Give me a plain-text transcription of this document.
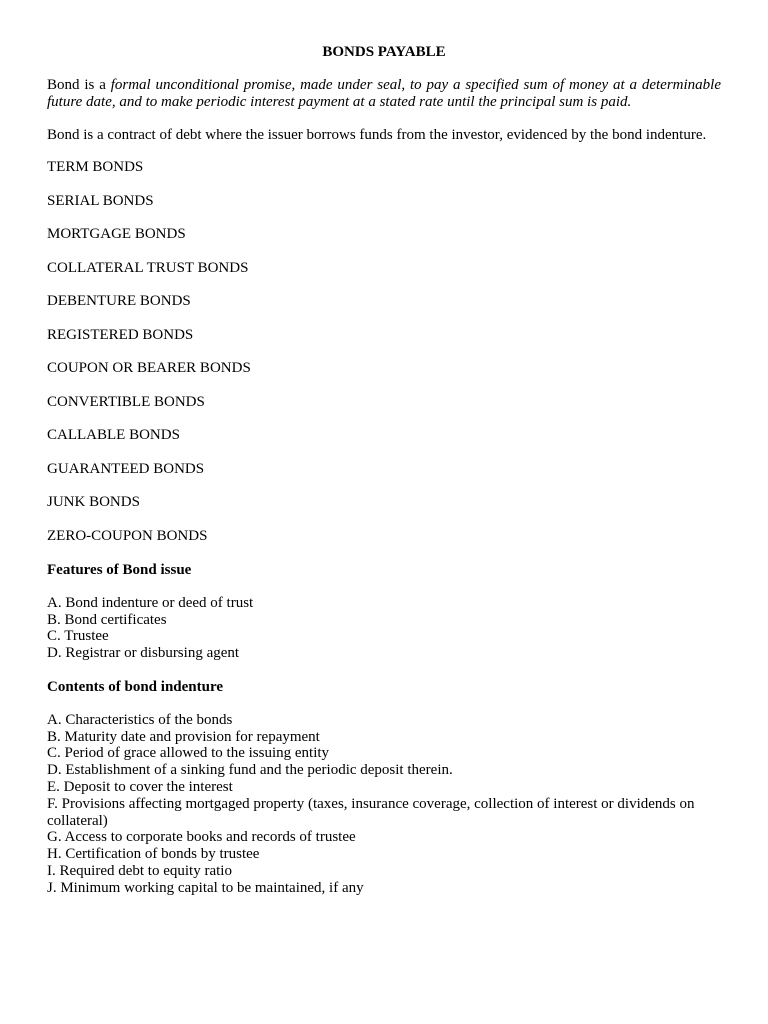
BONDS PAYABLE

Bond is a formal unconditional promise, made under seal, to pay a specified sum of money at a determinable future date, and to make periodic interest payment at a stated rate until the principal sum is paid.

Bond is a contract of debt where the issuer borrows funds from the investor, evidenced by the bond indenture.

TERM BONDS
SERIAL BONDS
MORTGAGE BONDS
COLLATERAL TRUST BONDS
DEBENTURE BONDS
REGISTERED BONDS
COUPON OR BEARER BONDS
CONVERTIBLE BONDS
CALLABLE BONDS
GUARANTEED BONDS
JUNK BONDS
ZERO-COUPON BONDS
Features of Bond issue
A. Bond indenture or deed of trust
B. Bond certificates
C. Trustee
D. Registrar or disbursing agent
Contents of bond indenture
A. Characteristics of the bonds
B. Maturity date and provision for repayment
C. Period of grace allowed to the issuing entity
D. Establishment of a sinking fund and the periodic deposit therein.
E. Deposit to cover the interest
F. Provisions affecting mortgaged property (taxes, insurance coverage, collection of interest or dividends on collateral)
G. Access to corporate books and records of trustee
H. Certification of bonds by trustee
I. Required debt to equity ratio
J. Minimum working capital to be maintained, if any
